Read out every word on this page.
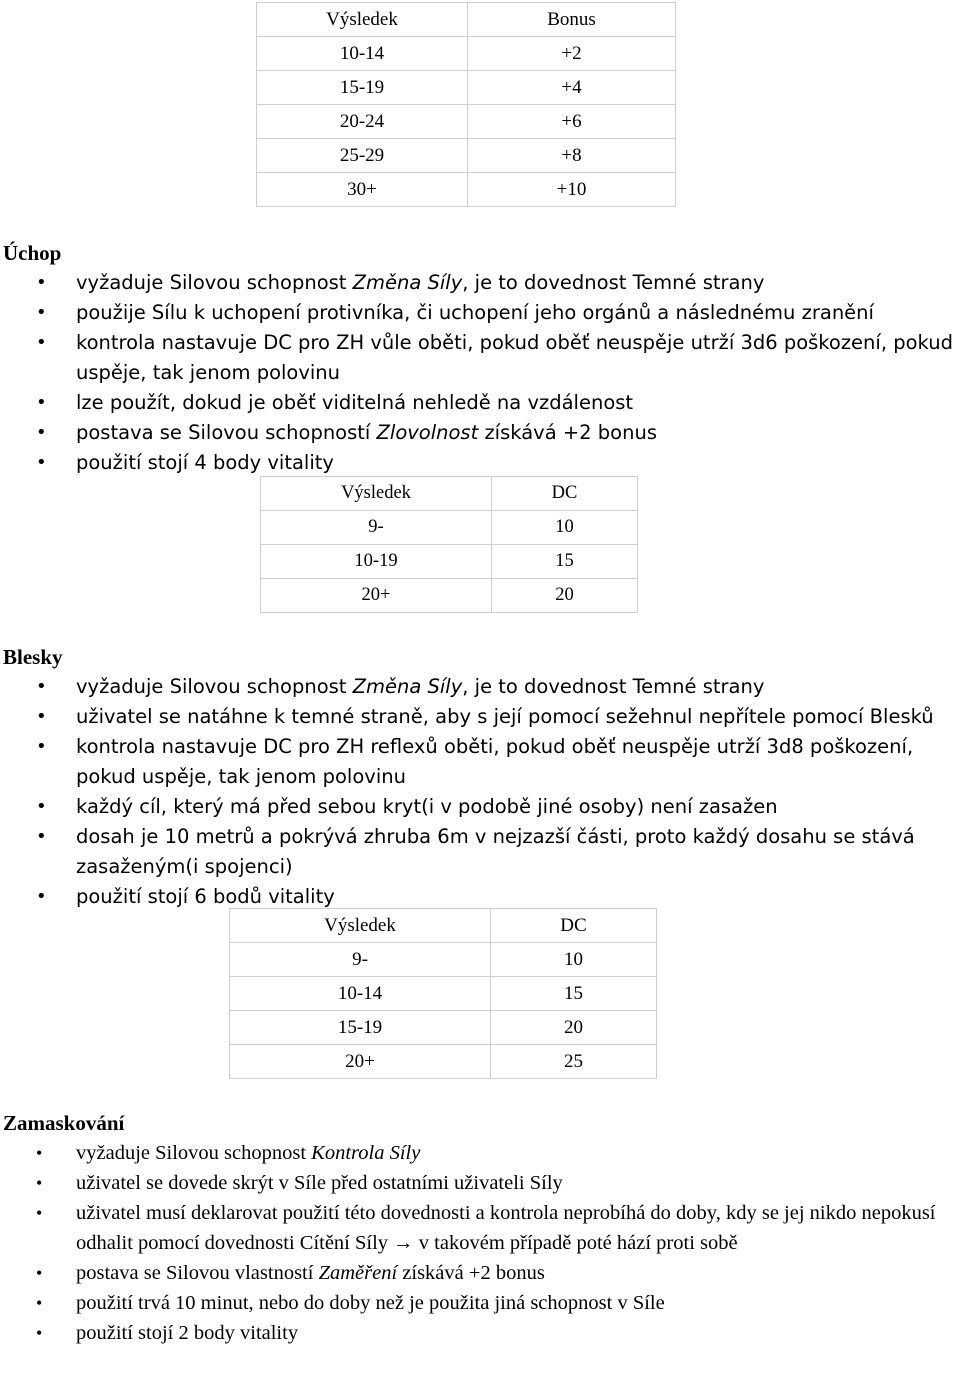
Výsledek	Bonus
10-14	+2
15-19	+4
20-24	+6
25-29	+8
30+	+10
Úchop
• vyžaduje Silovou schopnost Změna Síly, je to dovednost Temné strany
• použije Sílu k uchopení protivníka, či uchopení jeho orgánů a následnému zranění
• kontrola nastavuje DC pro ZH vůle oběti, pokud oběť neuspěje utrží 3d6 poškození, pokud uspěje, tak jenom polovinu
• lze použít, dokud je oběť viditelná nehledě na vzdálenost
• postava se Silovou schopností Zlovolnost získává +2 bonus
• použití stojí 4 body vitality
Výsledek	DC
9-	10
10-19	15
20+	20
Blesky
• vyžaduje Silovou schopnost Změna Síly, je to dovednost Temné strany
• uživatel se natáhne k temné straně, aby s její pomocí sežehnul nepřítele pomocí Blesků
• kontrola nastavuje DC pro ZH reflexů oběti, pokud oběť neuspěje utrží 3d8 poškození, pokud uspěje, tak jenom polovinu
• každý cíl, který má před sebou kryt(i v podobě jiné osoby) není zasažen
• dosah je 10 metrů a pokrývá zhruba 6m v nejzazší části, proto každý dosahu se stává zasaženým(i spojenci)
• použití stojí 6 bodů vitality
Výsledek	DC
9-	10
10-14	15
15-19	20
20+	25
Zamaskování
• vyžaduje Silovou schopnost Kontrola Síly
• uživatel se dovede skrýt v Síle před ostatními uživateli Síly
• uživatel musí deklarovat použití této dovednosti a kontrola neprobíhá do doby, kdy se jej nikdo nepokusí odhalit pomocí dovednosti Cítění Síly → v takovém případě poté hází proti sobě
• postava se Silovou vlastností Zaměření získává +2 bonus
• použití trvá 10 minut, nebo do doby než je použita jiná schopnost v Síle
• použití stojí 2 body vitality
